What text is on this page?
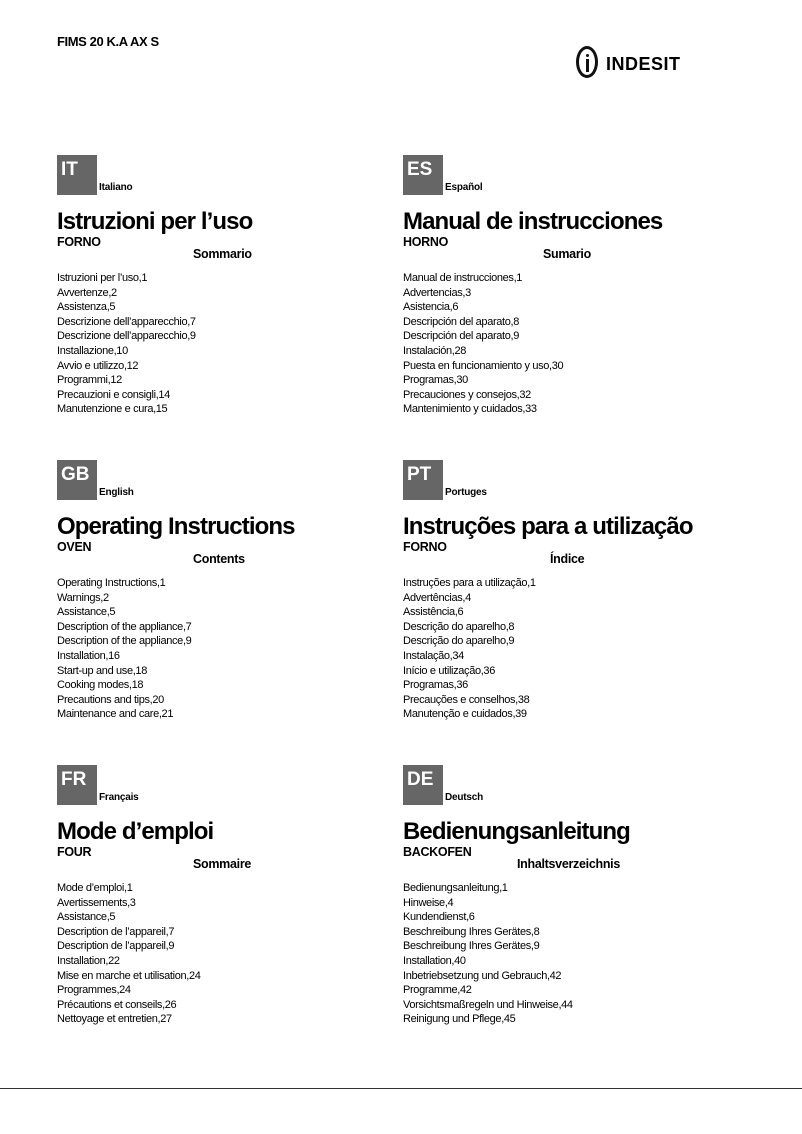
FIMS 20 K.A AX S
indesit
IT
Italiano
Istruzioni per l’uso
FORNO
Sommario
Istruzioni per l’uso,1
Avvertenze,2
Assistenza,5
Descrizione dell’apparecchio,7
Descrizione dell’apparecchio,9
Installazione,10
Avvio e utilizzo,12
Programmi,12
Precauzioni e consigli,14
Manutenzione e cura,15
ES
Español
Manual de instrucciones
HORNO
Sumario
Manual de instrucciones,1
Advertencias,3
Asistencia,6
Descripción del aparato,8
Descripción del aparato,9
Instalación,28
Puesta en funcionamiento y uso,30
Programas,30
Precauciones y consejos,32
Mantenimiento y cuidados,33
GB
English
Operating Instructions
OVEN
Contents
Operating Instructions,1
Warnings,2
Assistance,5
Description of the appliance,7
Description of the appliance,9
Installation,16
Start-up and use,18
Cooking modes,18
Precautions and tips,20
Maintenance and care,21
PT
Portuges
Instruções para a utilização
FORNO
Índice
Instruções para a utilização,1
Advertências,4
Assistência,6
Descrição do aparelho,8
Descrição do aparelho,9
Instalação,34
Início e utilização,36
Programas,36
Precauções e conselhos,38
Manutenção e cuidados,39
FR
Français
Mode d’emploi
FOUR
Sommaire
Mode d’emploi,1
Avertissements,3
Assistance,5
Description de l’appareil,7
Description de l’appareil,9
Installation,22
Mise en marche et utilisation,24
Programmes,24
Précautions et conseils,26
Nettoyage et entretien,27
DE
Deutsch
Bedienungsanleitung
BACKOFEN
Inhaltsverzeichnis
Bedienungsanleitung,1
Hinweise,4
Kundendienst,6
Beschreibung Ihres Gerätes,8
Beschreibung Ihres Gerätes,9
Installation,40
Inbetriebsetzung und Gebrauch,42
Programme,42
Vorsichtsmaßregeln und Hinweise,44
Reinigung und Pflege,45
